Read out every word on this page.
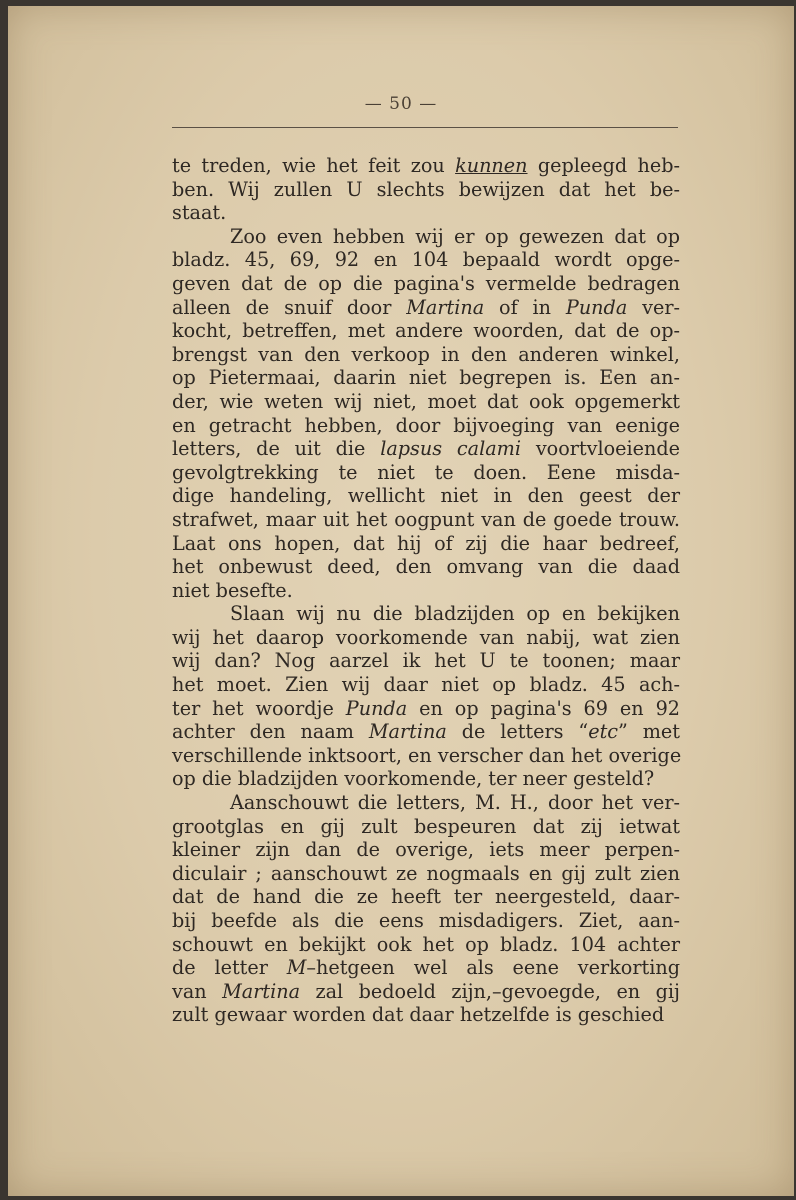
— 50 —
te treden, wie het feit zou kunnen gepleegd heb-
ben. Wij zullen U slechts bewijzen dat het be-
staat.
Zoo even hebben wij er op gewezen dat op
bladz. 45, 69, 92 en 104 bepaald wordt opge-
geven dat de op die pagina's vermelde bedragen
alleen de snuif door Martina of in Punda ver-
kocht, betreffen, met andere woorden, dat de op-
brengst van den verkoop in den anderen winkel,
op Pietermaai, daarin niet begrepen is. Een an-
der, wie weten wij niet, moet dat ook opgemerkt
en getracht hebben, door bijvoeging van eenige
letters, de uit die lapsus calami voortvloeiende
gevolgtrekking te niet te doen. Eene misda-
dige handeling, wellicht niet in den geest der
strafwet, maar uit het oogpunt van de goede trouw.
Laat ons hopen, dat hij of zij die haar bedreef,
het onbewust deed, den omvang van die daad
niet besefte.
Slaan wij nu die bladzijden op en bekijken
wij het daarop voorkomende van nabij, wat zien
wij dan? Nog aarzel ik het U te toonen; maar
het moet. Zien wij daar niet op bladz. 45 ach-
ter het woordje Punda en op pagina's 69 en 92
achter den naam Martina de letters “etc” met
verschillende inktsoort, en verscher dan het overige
op die bladzijden voorkomende, ter neer gesteld?
Aanschouwt die letters, M. H., door het ver-
grootglas en gij zult bespeuren dat zij ietwat
kleiner zijn dan de overige, iets meer perpen-
diculair ; aanschouwt ze nogmaals en gij zult zien
dat de hand die ze heeft ter neergesteld, daar-
bij beefde als die eens misdadigers. Ziet, aan-
schouwt en bekijkt ook het op bladz. 104 achter
de letter M–hetgeen wel als eene verkorting
van Martina zal bedoeld zijn,–gevoegde, en gij
zult gewaar worden dat daar hetzelfde is geschied
